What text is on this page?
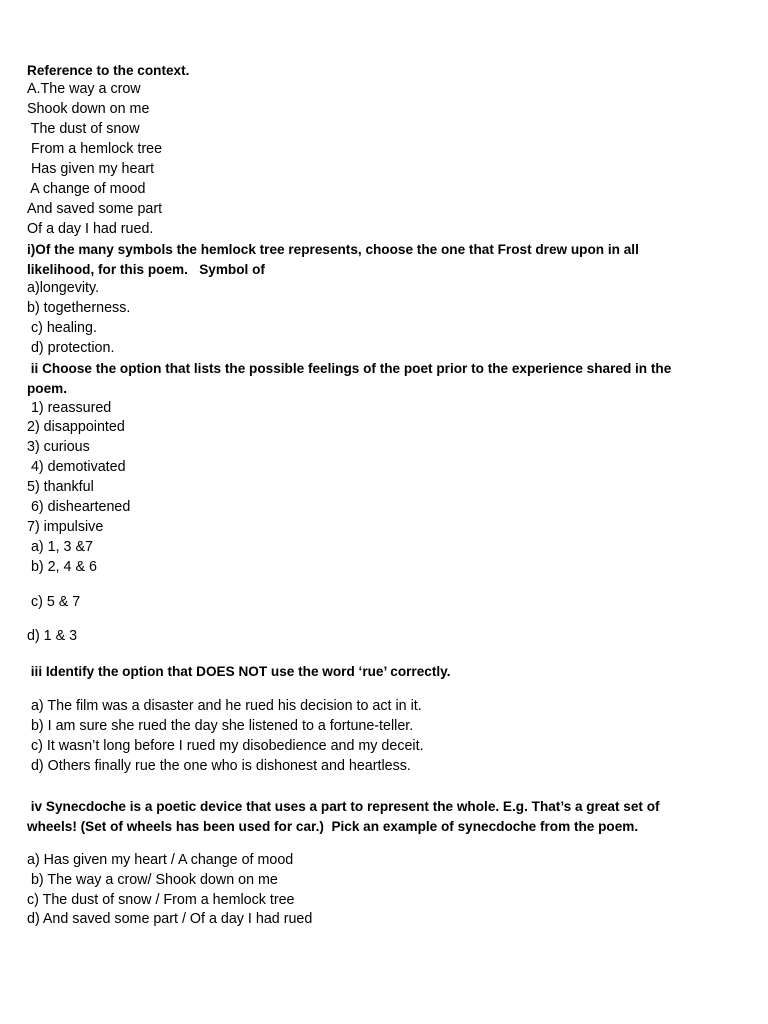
Reference to the context.
A.The way a crow
Shook down on me
The dust of snow
From a hemlock tree
Has given my heart
A change of mood
And saved some part
Of a day I had rued.
i)Of the many symbols the hemlock tree represents, choose the one that Frost drew upon in all
likelihood, for this poem.   Symbol of
a)longevity.
b) togetherness.
c) healing.
d) protection.
ii Choose the option that lists the possible feelings of the poet prior to the experience shared in the
poem.
1) reassured
2) disappointed
3) curious
4) demotivated
5) thankful
6) disheartened
7) impulsive
a) 1, 3 &7
b) 2, 4 & 6
c) 5 & 7
d) 1 & 3
iii Identify the option that DOES NOT use the word ‘rue’ correctly.
a) The film was a disaster and he rued his decision to act in it.
b) I am sure she rued the day she listened to a fortune-teller.
c) It wasn’t long before I rued my disobedience and my deceit.
d) Others finally rue the one who is dishonest and heartless.
iv Synecdoche is a poetic device that uses a part to represent the whole. E.g. That’s a great set of
wheels! (Set of wheels has been used for car.)  Pick an example of synecdoche from the poem.
a) Has given my heart / A change of mood
b) The way a crow/ Shook down on me
c) The dust of snow / From a hemlock tree
d) And saved some part / Of a day I had rued
